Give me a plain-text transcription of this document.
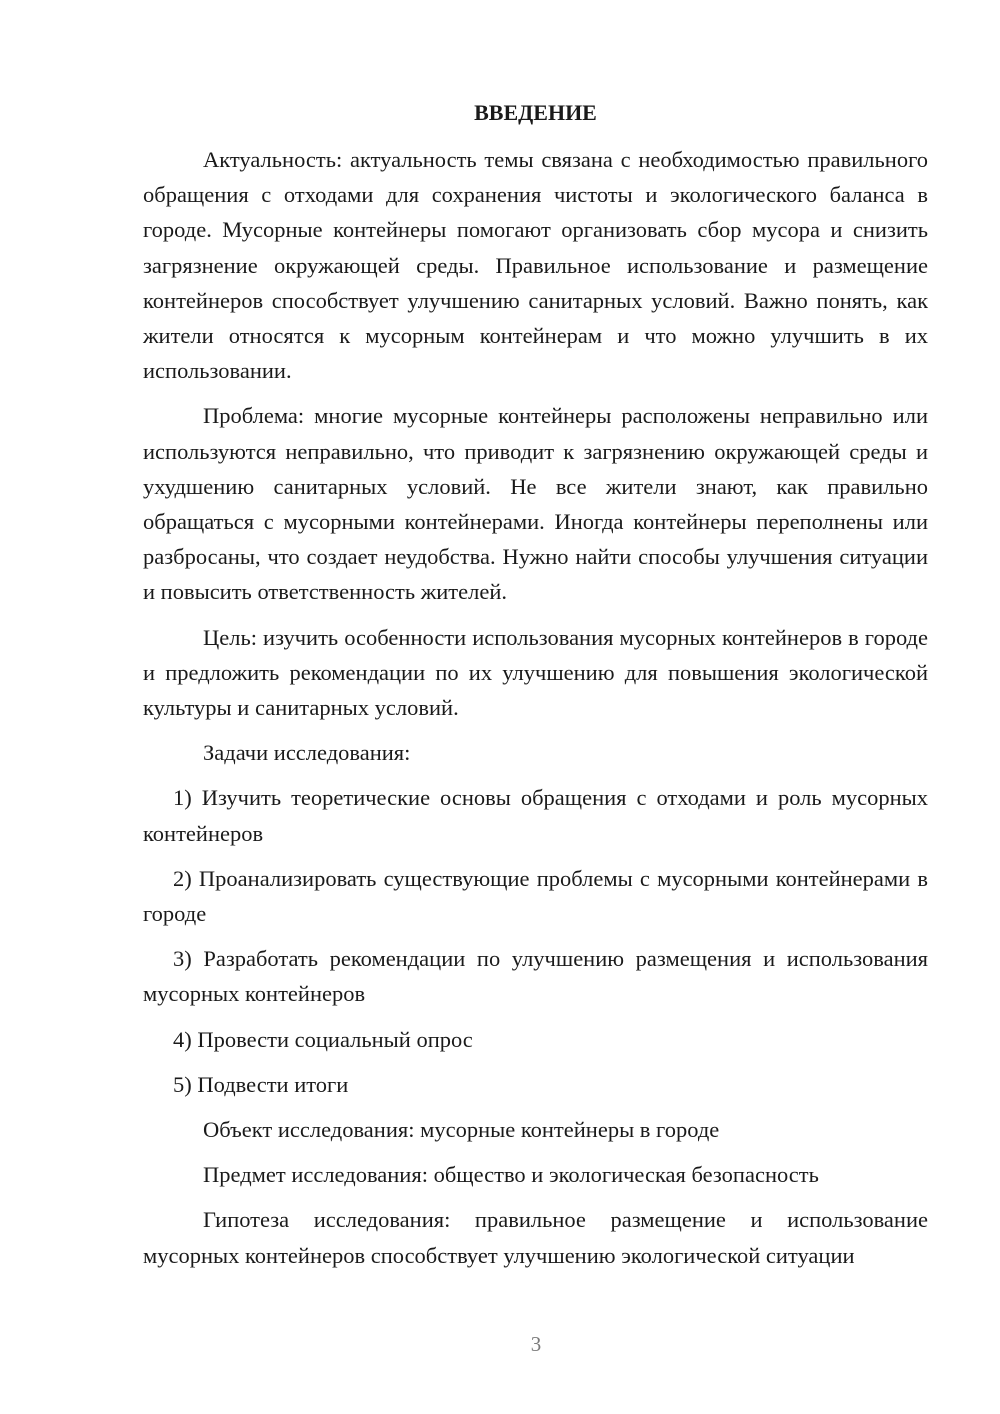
ВВЕДЕНИЕ

Актуальность: актуальность темы связана с необходимостью правильного обращения с отходами для сохранения чистоты и экологического баланса в городе. Мусорные контейнеры помогают организовать сбор мусора и снизить загрязнение окружающей среды. Правильное использование и размещение контейнеров способствует улучшению санитарных условий. Важно понять, как жители относятся к мусорным контейнерам и что можно улучшить в их использовании.

Проблема: многие мусорные контейнеры расположены неправильно или используются неправильно, что приводит к загрязнению окружающей среды и ухудшению санитарных условий. Не все жители знают, как правильно обращаться с мусорными контейнерами. Иногда контейнеры переполнены или разбросаны, что создает неудобства. Нужно найти способы улучшения ситуации и повысить ответственность жителей.

Цель: изучить особенности использования мусорных контейнеров в городе и предложить рекомендации по их улучшению для повышения экологической культуры и санитарных условий.

Задачи исследования:

1) Изучить теоретические основы обращения с отходами и роль мусорных контейнеров

2) Проанализировать существующие проблемы с мусорными контейнерами в городе

3) Разработать рекомендации по улучшению размещения и использования мусорных контейнеров

4) Провести социальный опрос

5) Подвести итоги

Объект исследования: мусорные контейнеры в городе

Предмет исследования: общество и экологическая безопасность

Гипотеза исследования: правильное размещение и использование мусорных контейнеров способствует улучшению экологической ситуации

3
